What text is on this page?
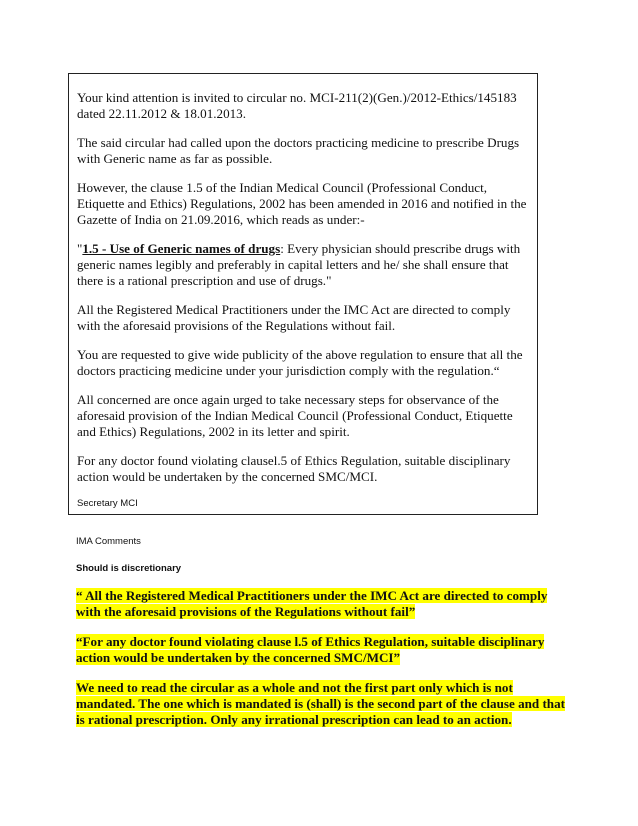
Your kind attention is invited to circular no. MCI-211(2)(Gen.)/2012-Ethics/145183 dated 22.11.2012 & 18.01.2013.

The said circular had called upon the doctors practicing medicine to prescribe Drugs with Generic name as far as possible.

However, the clause 1.5 of the Indian Medical Council (Professional Conduct, Etiquette and Ethics) Regulations, 2002 has been amended in 2016 and notified in the Gazette of India on 21.09.2016, which reads as under:-

"1.5 - Use of Generic names of drugs: Every physician should prescribe drugs with generic names legibly and preferably in capital letters and he/ she shall ensure that there is a rational prescription and use of drugs."

All the Registered Medical Practitioners under the IMC Act are directed to comply with the aforesaid provisions of the Regulations without fail.

You are requested to give wide publicity of the above regulation to ensure that all the doctors practicing medicine under your jurisdiction comply with the regulation.“

All concerned are once again urged to take necessary steps for observance of the aforesaid provision of the Indian Medical Council (Professional Conduct, Etiquette and Ethics) Regulations, 2002 in its letter and spirit.

For any doctor found violating clausel.5 of Ethics Regulation, suitable disciplinary action would be undertaken by the concerned SMC/MCI.

Secretary MCI
IMA Comments
Should is discretionary

“ All the Registered Medical Practitioners under the IMC Act are directed to comply with the aforesaid provisions of the Regulations without fail”

“For any doctor found violating clause l.5 of Ethics Regulation, suitable disciplinary action would be undertaken by the concerned SMC/MCI”

We need to read the circular as a whole and not the first part only which is not mandated. The one which is mandated is (shall) is the second part of the clause and that is rational prescription. Only any irrational prescription can lead to an action.
